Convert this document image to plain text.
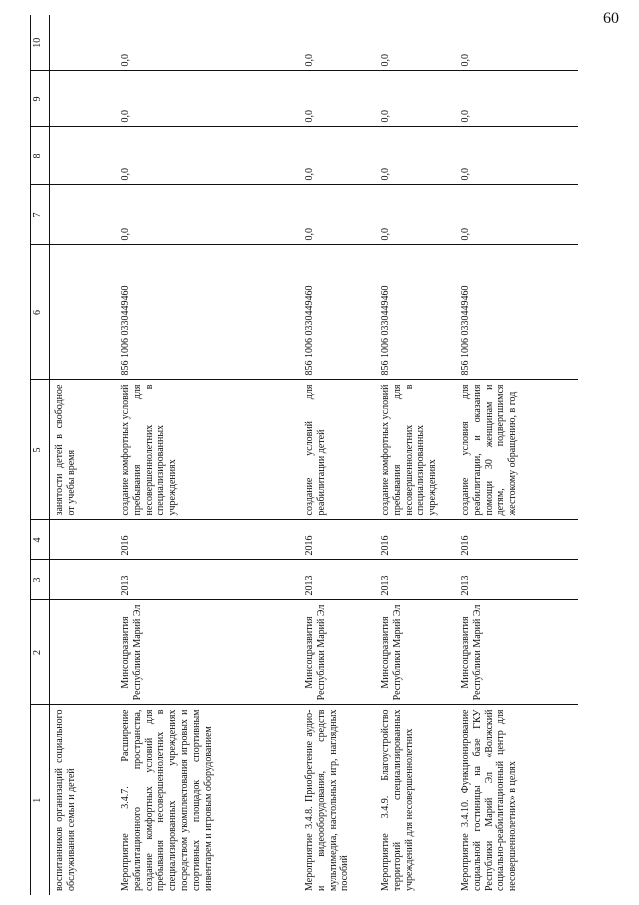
60
1	2	3	4	5	6	7	8	9	10
воспитанников организаций социального обслуживания семьи и детей				занятости детей в свободное от учебы время					
Мероприятие 3.4.7. Расширение реабилитационного пространства, создание комфортных условий для пребывания несовершеннолетних в специализированных учреждениях посредством укомплектования игровых и спортивных площадок спортивным инвентарем и игровым оборудованием	Минсоцразвития Республики Марий Эл	2013	2016	создание комфортных условий пребывания для несовершеннолетних в специализированных учреждениях	856 1006 0330449460	0,0	0,0	0,0	0,0
Мероприятие 3.4.8. Приобретение аудио- и видеооборудования, средств мультимедиа, настольных игр, наглядных пособий	Минсоцразвития Республики Марий Эл	2013	2016	создание условий для реабилитации детей	856 1006 0330449460	0,0	0,0	0,0	0,0
Мероприятие 3.4.9. Благоустройство территорий специализированных учреждений для несовершеннолетних	Минсоцразвития Республики Марий Эл	2013	2016	создание комфортных условий пребывания для несовершеннолетних в специализированных учреждениях	856 1006 0330449460	0,0	0,0	0,0	0,0
Мероприятие 3.4.10. Функционирование социальной гостиницы на базе ГКУ Республики Марий Эл «Волжский социально-реабилитационный центр для несовершеннолетних» в целях	Минсоцразвития Республики Марий Эл	2013	2016	создание условия для реабилитации, и оказания помощи 30 женщинам и детям, подвергшимся жестокому обращению, в год	856 1006 0330449460	0,0	0,0	0,0	0,0
